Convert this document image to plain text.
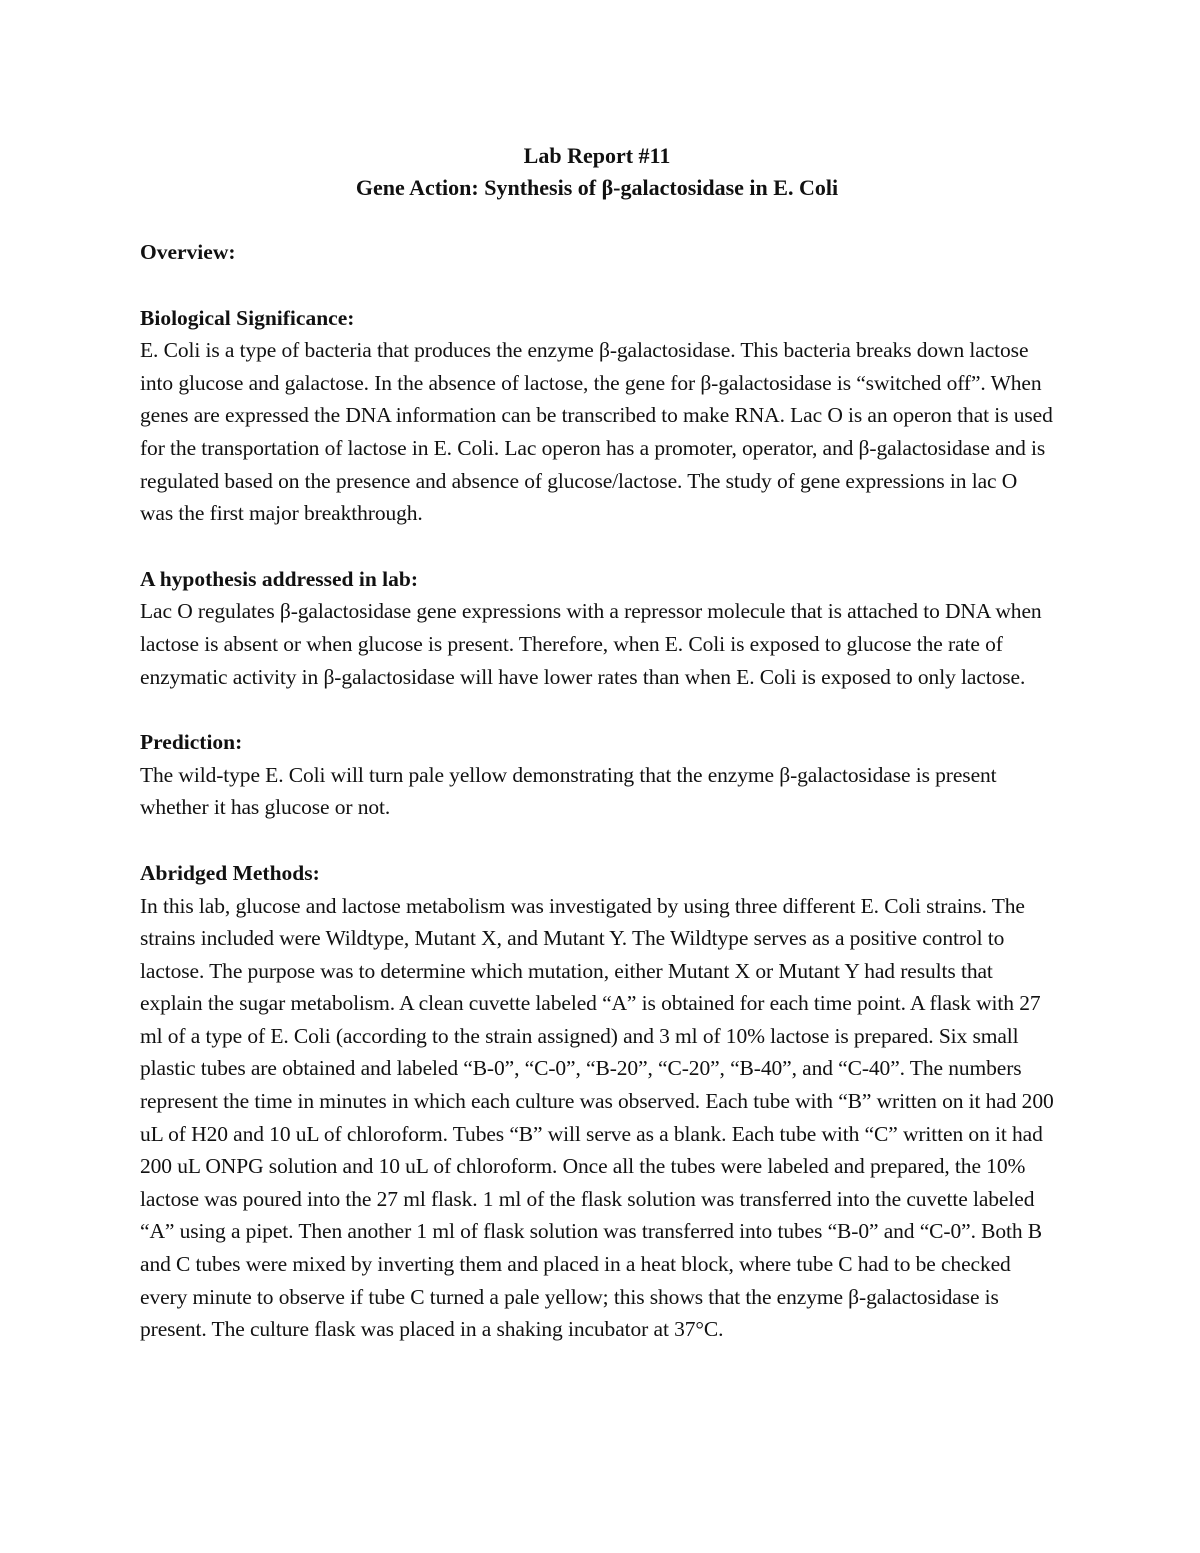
Lab Report #11
Gene Action: Synthesis of β-galactosidase in E. Coli

Overview:

Biological Significance:

E. Coli is a type of bacteria that produces the enzyme β-galactosidase. This bacteria breaks down lactose into glucose and galactose. In the absence of lactose, the gene for β-galactosidase is “switched off”. When genes are expressed the DNA information can be transcribed to make RNA. Lac O is an operon that is used for the transportation of lactose in E. Coli. Lac operon has a promoter, operator, and β-galactosidase and is regulated based on the presence and absence of glucose/lactose. The study of gene expressions in lac O was the first major breakthrough.

A hypothesis addressed in lab:

Lac O regulates β-galactosidase gene expressions with a repressor molecule that is attached to DNA when lactose is absent or when glucose is present. Therefore, when E. Coli is exposed to glucose the rate of enzymatic activity in β-galactosidase will have lower rates than when E. Coli is exposed to only lactose.

Prediction:

The wild-type E. Coli will turn pale yellow demonstrating that the enzyme β-galactosidase is present whether it has glucose or not.

Abridged Methods:

In this lab, glucose and lactose metabolism was investigated by using three different E. Coli strains. The strains included were Wildtype, Mutant X, and Mutant Y. The Wildtype serves as a positive control to lactose. The purpose was to determine which mutation, either Mutant X or Mutant Y had results that explain the sugar metabolism. A clean cuvette labeled “A” is obtained for each time point. A flask with 27 ml of a type of E. Coli (according to the strain assigned) and 3 ml of 10% lactose is prepared. Six small plastic tubes are obtained and labeled “B-0”, “C-0”, “B-20”, “C-20”, “B-40”, and “C-40”. The numbers represent the time in minutes in which each culture was observed. Each tube with “B” written on it had 200 uL of H20 and 10 uL of chloroform. Tubes “B” will serve as a blank. Each tube with “C” written on it had 200 uL ONPG solution and 10 uL of chloroform. Once all the tubes were labeled and prepared, the 10% lactose was poured into the 27 ml flask. 1 ml of the flask solution was transferred into the cuvette labeled “A” using a pipet. Then another 1 ml of flask solution was transferred into tubes “B-0” and “C-0”. Both B and C tubes were mixed by inverting them and placed in a heat block, where tube C had to be checked every minute to observe if tube C turned a pale yellow; this shows that the enzyme β-galactosidase is present. The culture flask was placed in a shaking incubator at 37°C.
